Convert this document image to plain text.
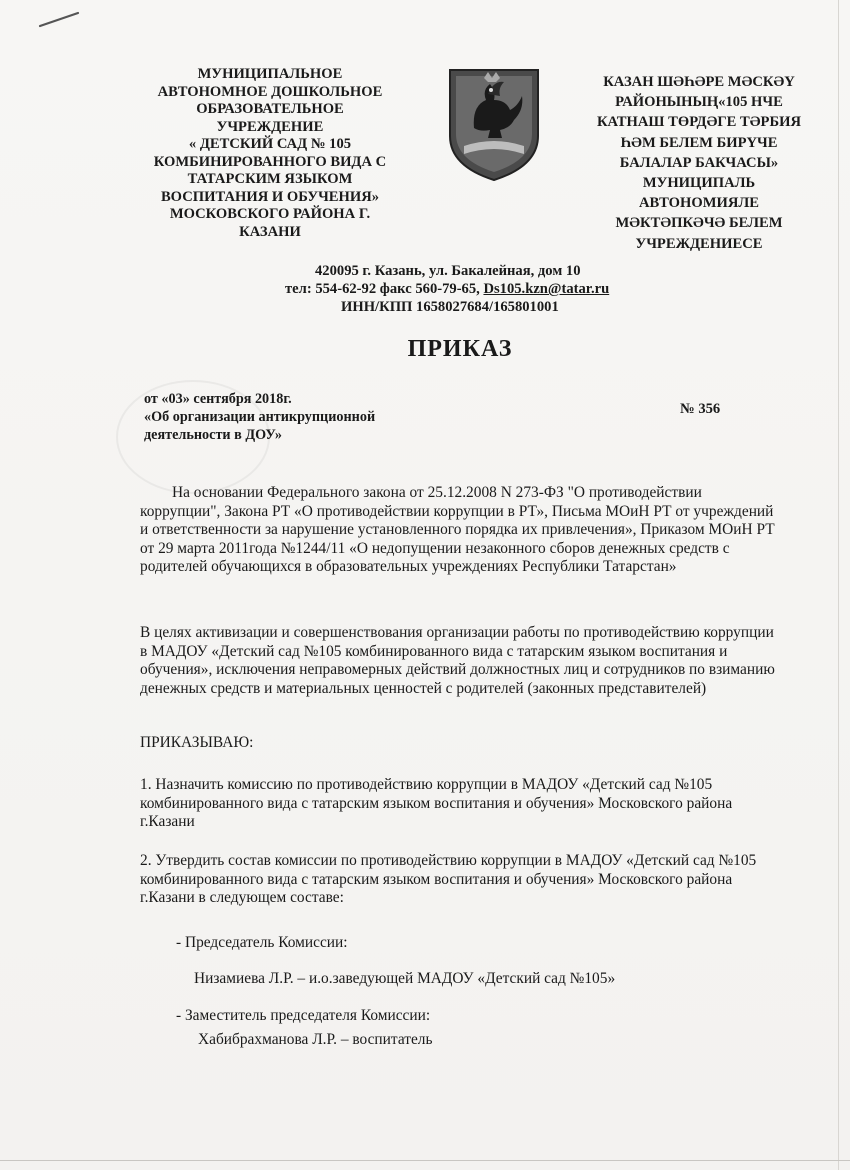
МУНИЦИПАЛЬНОЕ
АВТОНОМНОЕ ДОШКОЛЬНОЕ
ОБРАЗОВАТЕЛЬНОЕ
УЧРЕЖДЕНИЕ
« ДЕТСКИЙ САД № 105
КОМБИНИРОВАННОГО ВИДА С
ТАТАРСКИМ ЯЗЫКОМ
ВОСПИТАНИЯ И ОБУЧЕНИЯ»
МОСКОВСКОГО РАЙОНА Г.
КАЗАНИ
КАЗАН ШӘҺӘРЕ МӘСКӘҮ
РАЙОНЫНЫҢ«105 НЧЕ
КАТНАШ ТӨРДӘГЕ ТӘРБИЯ
ҺӘМ БЕЛЕМ БИРҮЧЕ
БАЛАЛАР БАКЧАСЫ»
МУНИЦИПАЛЬ
АВТОНОМИЯЛЕ
МӘКТӘПКӘЧӘ БЕЛЕМ
УЧРЕЖДЕНИЕСЕ
420095 г. Казань, ул. Бакалейная, дом 10
тел: 554-62-92 факс 560-79-65, Ds105.kzn@tatar.ru
ИНН/КПП 1658027684/165801001
ПРИКАЗ
от «03» сентября 2018г.
«Об организации антикрупционной деятельности в ДОУ»
№ 356
На основании Федерального закона от 25.12.2008 N 273-ФЗ "О противодействии коррупции", Закона РТ «О противодействии коррупции в РТ», Письма МОиН РТ от учреждений и ответственности за нарушение установленного порядка их привлечения», Приказом МОиН РТ от 29 марта 2011года №1244/11 «О недопущении незаконного сборов денежных средств с родителей обучающихся в образовательных учреждениях Республики Татарстан»
В целях активизации и совершенствования организации работы по противодействию коррупции в МАДОУ «Детский сад №105 комбинированного вида с татарским языком воспитания и обучения», исключения неправомерных действий должностных лиц и сотрудников по взиманию денежных средств и материальных ценностей с родителей (законных представителей)
ПРИКАЗЫВАЮ:
1. Назначить комиссию по противодействию коррупции в МАДОУ «Детский сад №105 комбинированного вида с татарским языком воспитания и обучения» Московского района г.Казани
2. Утвердить состав комиссии по противодействию коррупции в МАДОУ «Детский сад №105 комбинированного вида с татарским языком воспитания и обучения» Московского района г.Казани в следующем составе:
- Председатель Комиссии:
Низамиева Л.Р. – и.о.заведующей МАДОУ «Детский сад №105»
- Заместитель председателя Комиссии:
Хабибрахманова Л.Р. – воспитатель
